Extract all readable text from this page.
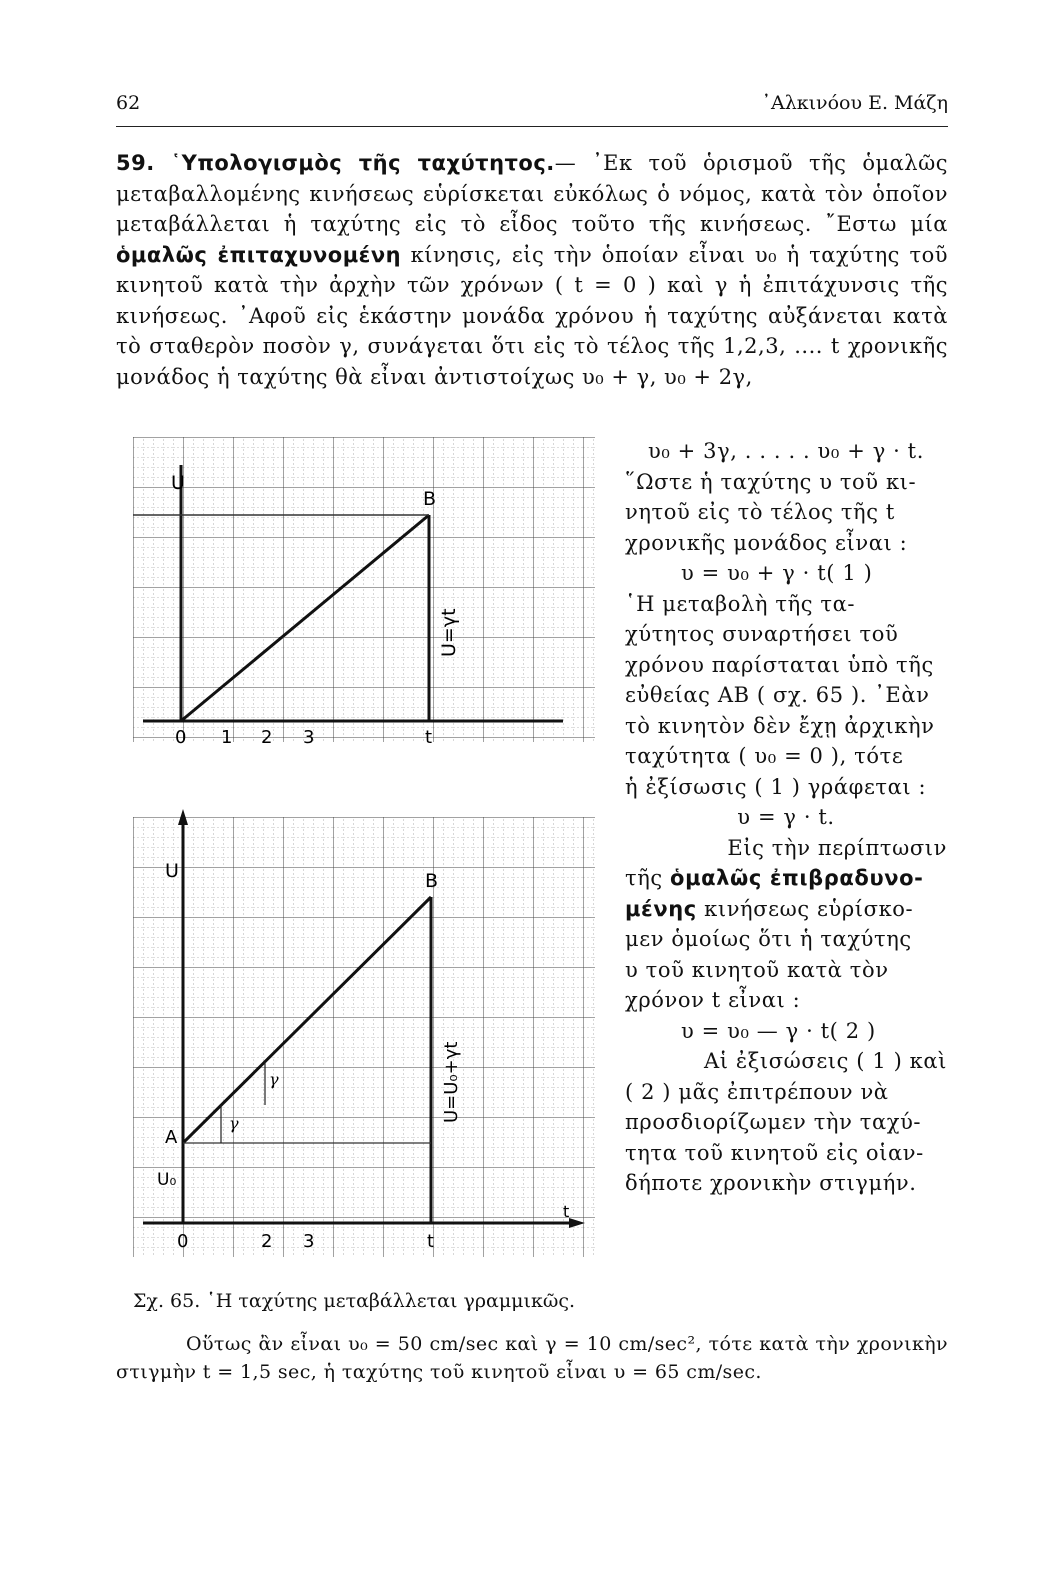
62	᾽Αλκινόου Ε. Μάζη
59. ῾Υπολογισμὸς τῆς ταχύτητος.— ᾽Εκ τοῦ ὁρισμοῦ τῆς ὁμαλῶς μεταβαλλομένης κινήσεως εὑρίσκεται εὐκόλως ὁ νόμος, κατὰ τὸν ὁποῖον μεταβάλλεται ἡ ταχύτης εἰς τὸ εἶδος τοῦτο τῆς κινήσεως. ῎Εστω μία ὁμαλῶς ἐπιταχυνομένη κίνησις, εἰς τὴν ὁποίαν εἶναι υ₀ ἡ ταχύτης τοῦ κινητοῦ κατὰ τὴν ἀρχὴν τῶν χρόνων ( t = 0 ) καὶ γ ἡ ἐπιτάχυνσις τῆς κινήσεως. ᾽Αφοῦ εἰς ἑκάστην μονάδα χρόνου ἡ ταχύτης αὐξάνεται κατὰ τὸ σταθερὸν ποσὸν γ, συνάγεται ὅτι εἰς τὸ τέλος τῆς 1,2,3, .... t χρονικῆς μονάδος ἡ ταχύτης θὰ εἶναι ἀντιστοίχως υ₀ + γ, υ₀ + 2γ,
U
B
U=γt
0 1 2 3	t
U	B
U=U₀+γt
A
U₀
γ
γ
0	2 3	t
t
Σχ. 65. ῾Η ταχύτης μεταβάλλεται γραμμικῶς.
υ₀ + 3γ, . . . . . υ₀ + γ · t.
῞Ωστε ἡ ταχύτης υ τοῦ κι-
νητοῦ εἰς τὸ τέλος τῆς t
χρονικῆς μονάδος εἶναι :
υ = υ₀ + γ · t( 1 )
῾Η μεταβολὴ τῆς τα-
χύτητος συναρτήσει τοῦ
χρόνου παρίσταται ὑπὸ τῆς
εὐθείας ΑΒ ( σχ. 65 ). ᾽Εὰν
τὸ κινητὸν δὲν ἔχῃ ἀρχικὴν
ταχύτητα ( υ₀ = 0 ), τότε
ἡ ἐξίσωσις ( 1 ) γράφεται :
υ = γ · t.
Εἰς τὴν περίπτωσιν
τῆς ὁμαλῶς ἐπιβραδυνο-
μένης κινήσεως εὑρίσκο-
μεν ὁμοίως ὅτι ἡ ταχύτης
υ τοῦ κινητοῦ κατὰ τὸν
χρόνον t εἶναι :
υ = υ₀ — γ · t( 2 )
Αἱ ἐξισώσεις ( 1 ) καὶ
( 2 ) μᾶς ἐπιτρέπουν νὰ
προσδιορίζωμεν τὴν ταχύ-
τητα τοῦ κινητοῦ εἰς οἱαν-
δήποτε χρονικὴν στιγμήν.
Οὕτως ἂν εἶναι υ₀ = 50 cm/sec καὶ γ = 10 cm/sec², τότε κατὰ τὴν χρονικὴν στιγμὴν t = 1,5 sec, ἡ ταχύτης τοῦ κινητοῦ εἶναι υ = 65 cm/sec.
